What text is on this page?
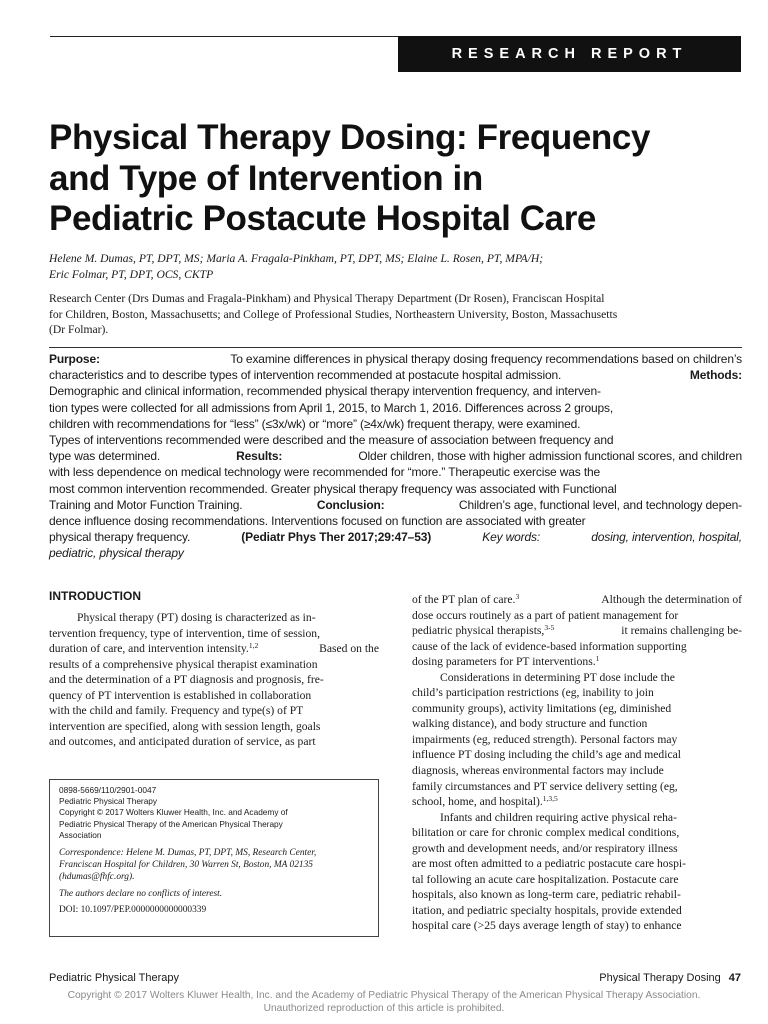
RESEARCH REPORT
Physical Therapy Dosing: Frequency
and Type of Intervention in
Pediatric Postacute Hospital Care
Helene M. Dumas, PT, DPT, MS; Maria A. Fragala-Pinkham, PT, DPT, MS; Elaine L. Rosen, PT, MPA/H;
Eric Folmar, PT, DPT, OCS, CKTP
Research Center (Drs Dumas and Fragala-Pinkham) and Physical Therapy Department (Dr Rosen), Franciscan Hospital
for Children, Boston, Massachusetts; and College of Professional Studies, Northeastern University, Boston, Massachusetts
(Dr Folmar).
Purpose:	To examine differences in physical therapy dosing frequency recommendations based on children’s
characteristics and to describe types of intervention recommended at postacute hospital admission.	Methods:
Demographic and clinical information, recommended physical therapy intervention frequency, and interven-
tion types were collected for all admissions from April 1, 2015, to March 1, 2016. Differences across 2 groups,
children with recommendations for “less” (≤3x/wk) or “more” (≥4x/wk) frequent therapy, were examined.
Types of interventions recommended were described and the measure of association between frequency and
type was determined.	Results:	Older children, those with higher admission functional scores, and children
with less dependence on medical technology were recommended for “more.” Therapeutic exercise was the
most common intervention recommended. Greater physical therapy frequency was associated with Functional
Training and Motor Function Training.	Conclusion:	Children’s age, functional level, and technology depen-
dence influence dosing recommendations. Interventions focused on function are associated with greater
physical therapy frequency.	(Pediatr Phys Ther 2017;29:47–53)	Key words:	dosing, intervention, hospital,
pediatric, physical therapy
INTRODUCTION
Physical therapy (PT) dosing is characterized as in-
tervention frequency, type of intervention, time of session,
duration of care, and intervention intensity.$^{1,2}$	Based on the
results of a comprehensive physical therapist examination
and the determination of a PT diagnosis and prognosis, fre-
quency of PT intervention is established in collaboration
with the child and family. Frequency and type(s) of PT
intervention are specified, along with session length, goals
and outcomes, and anticipated duration of service, as part
0898-5669/110/2901-0047
Pediatric Physical Therapy
Copyright © 2017 Wolters Kluwer Health, Inc. and Academy of
Pediatric Physical Therapy of the American Physical Therapy
Association
Correspondence: Helene M. Dumas, PT, DPT, MS, Research Center,
Franciscan Hospital for Children, 30 Warren St, Boston, MA 02135
(hdumas@fhfc.org).
The authors declare no conflicts of interest.
DOI: 10.1097/PEP.0000000000000339
of the PT plan of care.$^3$	Although the determination of
dose occurs routinely as a part of patient management for
pediatric physical therapists,$^{3-5}$	it remains challenging be-
cause of the lack of evidence-based information supporting
dosing parameters for PT interventions.$^1$
Considerations in determining PT dose include the
child’s participation restrictions (eg, inability to join
community groups), activity limitations (eg, diminished
walking distance), and body structure and function
impairments (eg, reduced strength). Personal factors may
influence PT dosing including the child’s age and medical
diagnosis, whereas environmental factors may include
family circumstances and PT service delivery setting (eg,
school, home, and hospital).$^{1,3,5}$
Infants and children requiring active physical reha-
bilitation or care for chronic complex medical conditions,
growth and development needs, and/or respiratory illness
are most often admitted to a pediatric postacute care hospi-
tal following an acute care hospitalization. Postacute care
hospitals, also known as long-term care, pediatric rehabil-
itation, and pediatric specialty hospitals, provide extended
hospital care (>25 days average length of stay) to enhance
Pediatric Physical Therapy	Physical Therapy Dosing 47
Copyright © 2017 Wolters Kluwer Health, Inc. and the Academy of Pediatric Physical Therapy of the American Physical Therapy Association.
Unauthorized reproduction of this article is prohibited.
